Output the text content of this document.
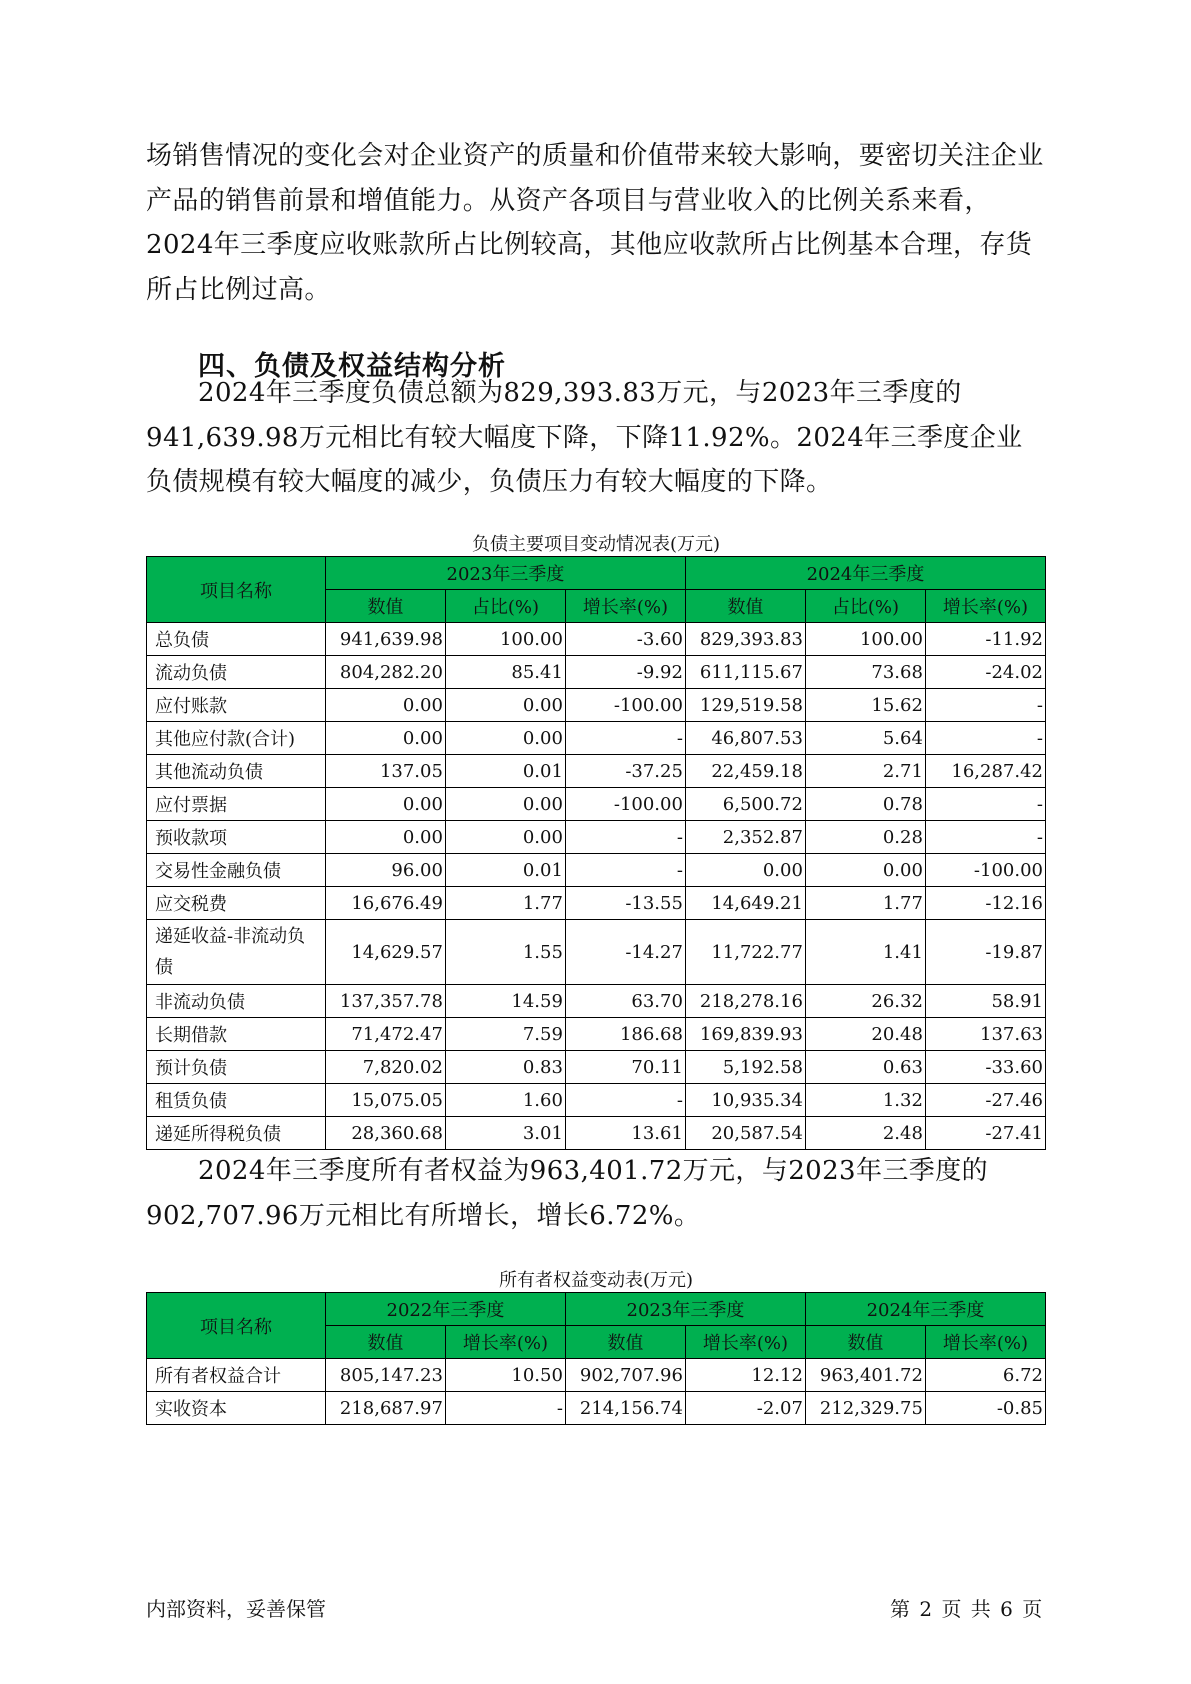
场销售情况的变化会对企业资产的质量和价值带来较大影响，要密切关注企业产品的销售前景和增值能力。从资产各项目与营业收入的比例关系来看，2024年三季度应收账款所占比例较高，其他应收款所占比例基本合理，存货所占比例过高。

四、负债及权益结构分析

2024年三季度负债总额为829,393.83万元，与2023年三季度的941,639.98万元相比有较大幅度下降，下降11.92%。2024年三季度企业负债规模有较大幅度的减少，负债压力有较大幅度的下降。

负债主要项目变动情况表(万元)
项目名称	2023年三季度			2024年三季度		
	数值	占比(%)	增长率(%)	数值	占比(%)	增长率(%)
总负债	941,639.98	100.00	-3.60	829,393.83	100.00	-11.92
流动负债	804,282.20	85.41	-9.92	611,115.67	73.68	-24.02
应付账款	0.00	0.00	-100.00	129,519.58	15.62	-
其他应付款(合计)	0.00	0.00	-	46,807.53	5.64	-
其他流动负债	137.05	0.01	-37.25	22,459.18	2.71	16,287.42
应付票据	0.00	0.00	-100.00	6,500.72	0.78	-
预收款项	0.00	0.00	-	2,352.87	0.28	-
交易性金融负债	96.00	0.01	-	0.00	0.00	-100.00
应交税费	16,676.49	1.77	-13.55	14,649.21	1.77	-12.16
递延收益-非流动负债	14,629.57	1.55	-14.27	11,722.77	1.41	-19.87
非流动负债	137,357.78	14.59	63.70	218,278.16	26.32	58.91
长期借款	71,472.47	7.59	186.68	169,839.93	20.48	137.63
预计负债	7,820.02	0.83	70.11	5,192.58	0.63	-33.60
租赁负债	15,075.05	1.60	-	10,935.34	1.32	-27.46
递延所得税负债	28,360.68	3.01	13.61	20,587.54	2.48	-27.41

2024年三季度所有者权益为963,401.72万元，与2023年三季度的902,707.96万元相比有所增长，增长6.72%。

所有者权益变动表(万元)
项目名称	2022年三季度		2023年三季度		2024年三季度	
	数值	增长率(%)	数值	增长率(%)	数值	增长率(%)
所有者权益合计	805,147.23	10.50	902,707.96	12.12	963,401.72	6.72
实收资本	218,687.97	-	214,156.74	-2.07	212,329.75	-0.85
内部资料，妥善保管	第 2 页 共 6 页
